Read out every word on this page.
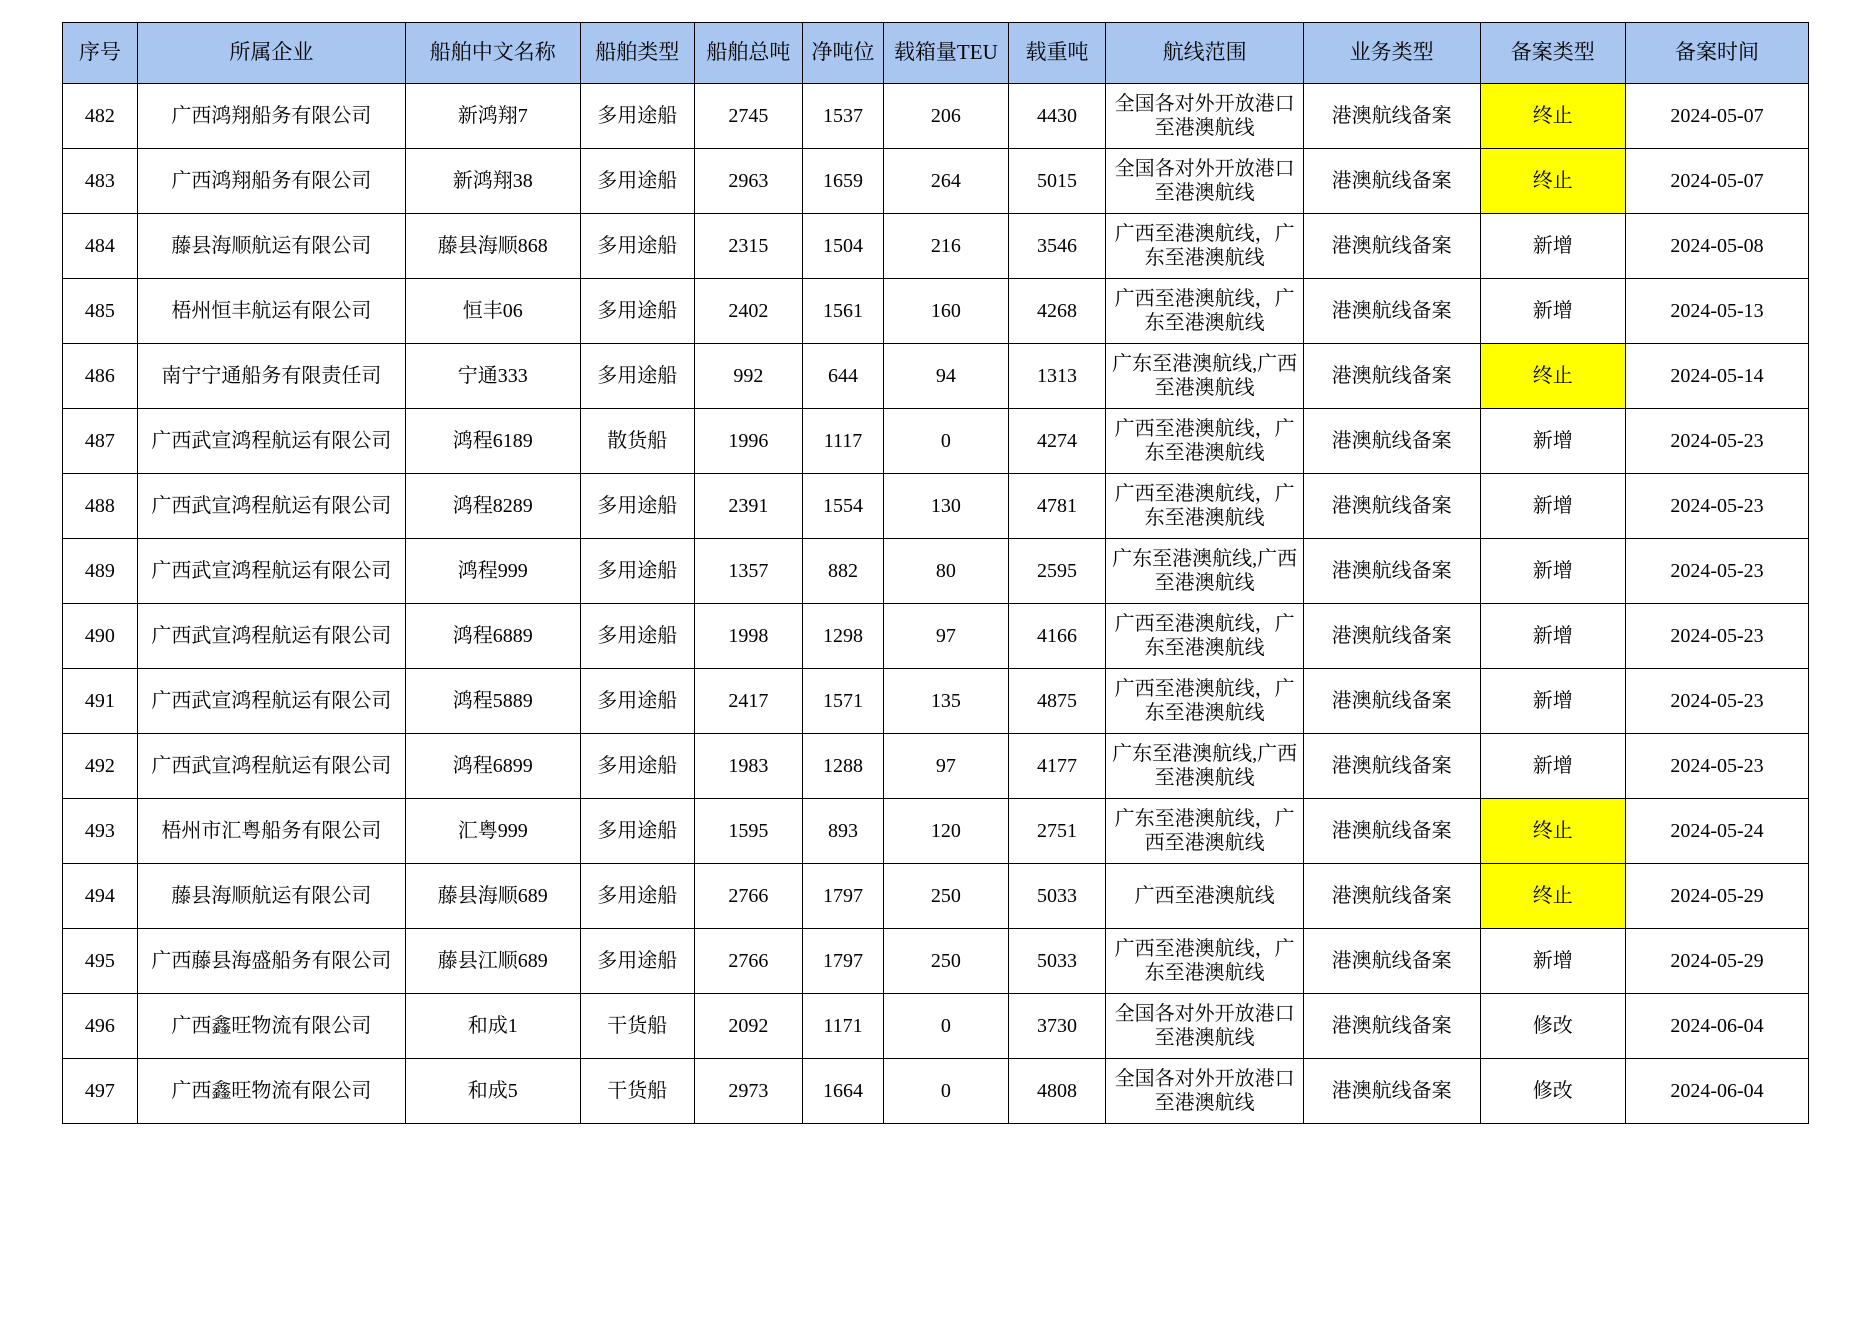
序号	所属企业	船舶中文名称	船舶类型	船舶总吨	净吨位	载箱量TEU	载重吨	航线范围	业务类型	备案类型	备案时间
482	广西鸿翔船务有限公司	新鸿翔7	多用途船	2745	1537	206	4430	全国各对外开放港口至港澳航线	港澳航线备案	终止	2024-05-07
483	广西鸿翔船务有限公司	新鸿翔38	多用途船	2963	1659	264	5015	全国各对外开放港口至港澳航线	港澳航线备案	终止	2024-05-07
484	藤县海顺航运有限公司	藤县海顺868	多用途船	2315	1504	216	3546	广西至港澳航线，广东至港澳航线	港澳航线备案	新增	2024-05-08
485	梧州恒丰航运有限公司	恒丰06	多用途船	2402	1561	160	4268	广西至港澳航线，广东至港澳航线	港澳航线备案	新增	2024-05-13
486	南宁宁通船务有限责任司	宁通333	多用途船	992	644	94	1313	广东至港澳航线,广西至港澳航线	港澳航线备案	终止	2024-05-14
487	广西武宣鸿程航运有限公司	鸿程6189	散货船	1996	1117	0	4274	广西至港澳航线，广东至港澳航线	港澳航线备案	新增	2024-05-23
488	广西武宣鸿程航运有限公司	鸿程8289	多用途船	2391	1554	130	4781	广西至港澳航线，广东至港澳航线	港澳航线备案	新增	2024-05-23
489	广西武宣鸿程航运有限公司	鸿程999	多用途船	1357	882	80	2595	广东至港澳航线,广西至港澳航线	港澳航线备案	新增	2024-05-23
490	广西武宣鸿程航运有限公司	鸿程6889	多用途船	1998	1298	97	4166	广西至港澳航线，广东至港澳航线	港澳航线备案	新增	2024-05-23
491	广西武宣鸿程航运有限公司	鸿程5889	多用途船	2417	1571	135	4875	广西至港澳航线，广东至港澳航线	港澳航线备案	新增	2024-05-23
492	广西武宣鸿程航运有限公司	鸿程6899	多用途船	1983	1288	97	4177	广东至港澳航线,广西至港澳航线	港澳航线备案	新增	2024-05-23
493	梧州市汇粤船务有限公司	汇粤999	多用途船	1595	893	120	2751	广东至港澳航线，广西至港澳航线	港澳航线备案	终止	2024-05-24
494	藤县海顺航运有限公司	藤县海顺689	多用途船	2766	1797	250	5033	广西至港澳航线	港澳航线备案	终止	2024-05-29
495	广西藤县海盛船务有限公司	藤县江顺689	多用途船	2766	1797	250	5033	广西至港澳航线，广东至港澳航线	港澳航线备案	新增	2024-05-29
496	广西鑫旺物流有限公司	和成1	干货船	2092	1171	0	3730	全国各对外开放港口至港澳航线	港澳航线备案	修改	2024-06-04
497	广西鑫旺物流有限公司	和成5	干货船	2973	1664	0	4808	全国各对外开放港口至港澳航线	港澳航线备案	修改	2024-06-04
